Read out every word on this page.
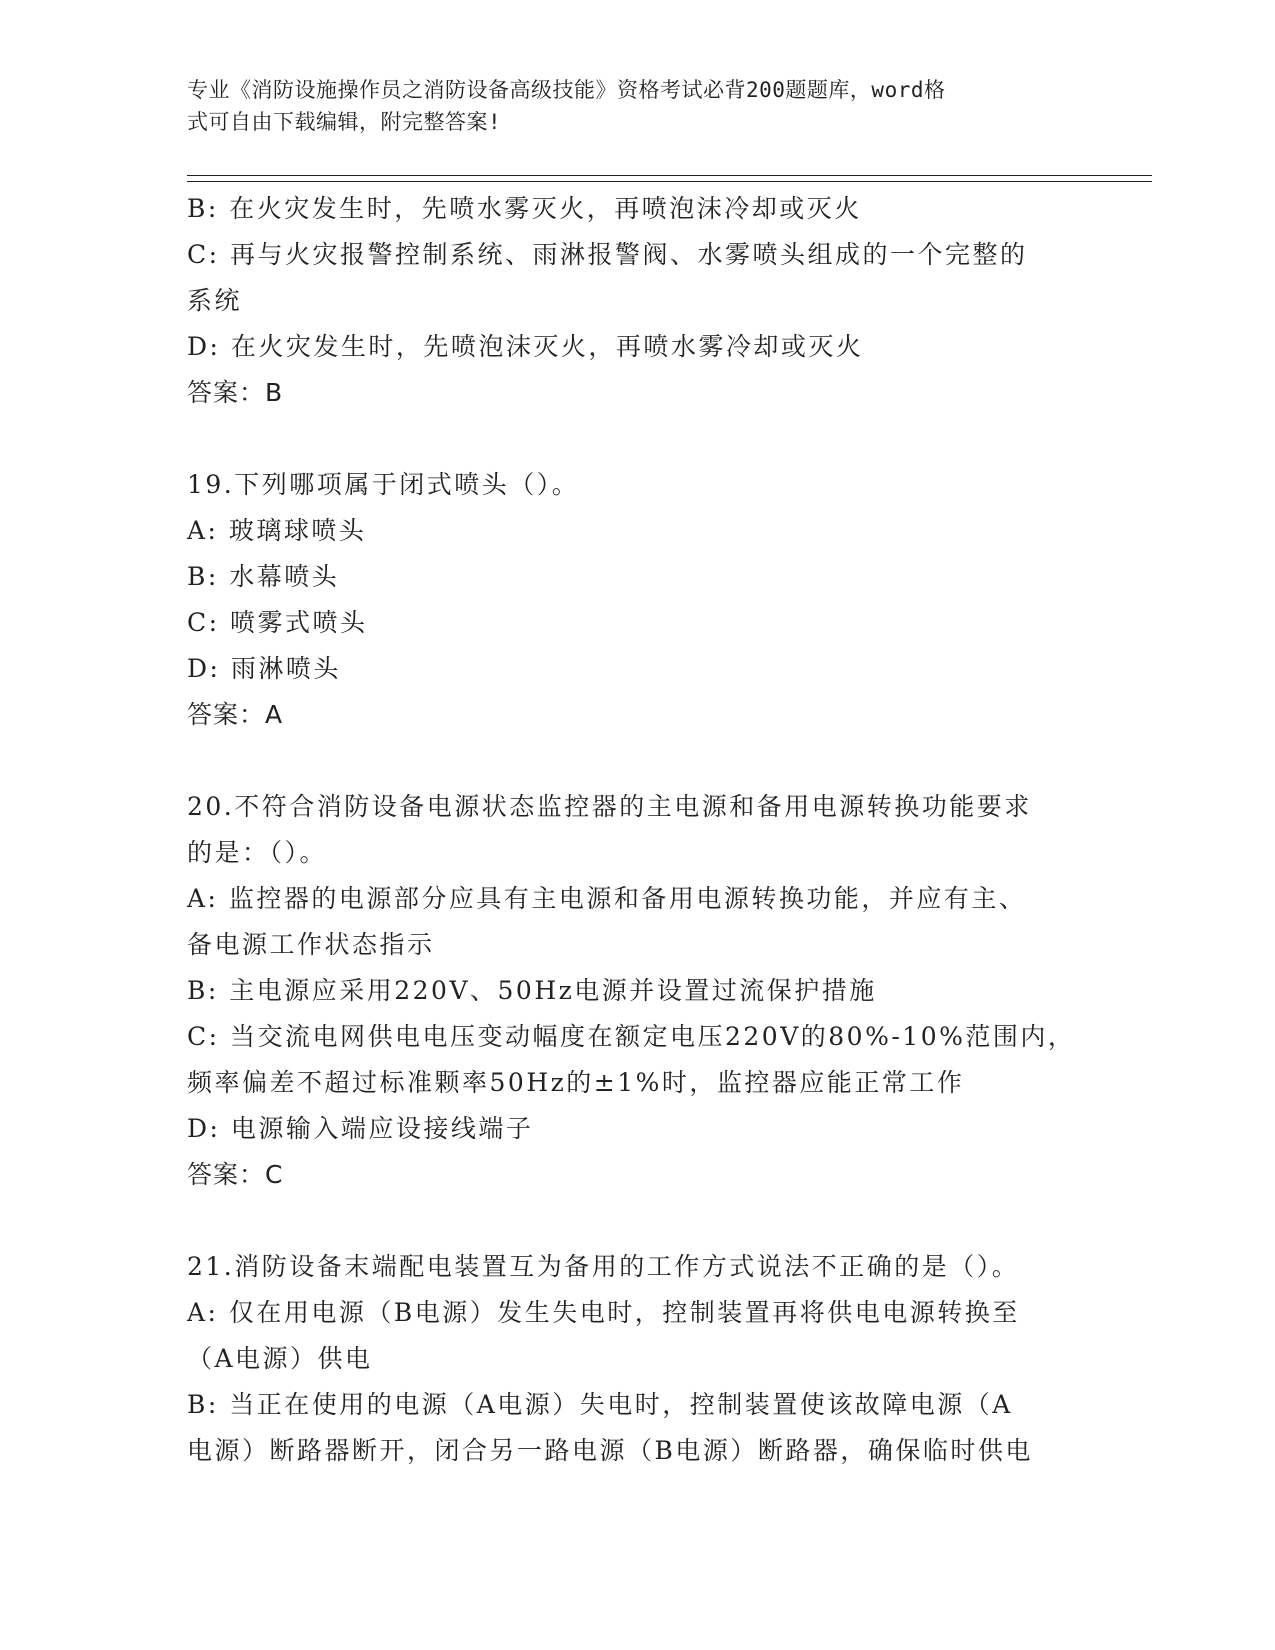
专业《消防设施操作员之消防设备高级技能》资格考试必背200题题库，word格
式可自由下载编辑，附完整答案!
B: 在火灾发生时，先喷水雾灭火，再喷泡沫冷却或灭火
C: 再与火灾报警控制系统、雨淋报警阀、水雾喷头组成的一个完整的
系统
D: 在火灾发生时，先喷泡沫灭火，再喷水雾冷却或灭火
答案：B
19.下列哪项属于闭式喷头（）。
A: 玻璃球喷头
B: 水幕喷头
C: 喷雾式喷头
D: 雨淋喷头
答案：A
20.不符合消防设备电源状态监控器的主电源和备用电源转换功能要求
的是：（）。
A: 监控器的电源部分应具有主电源和备用电源转换功能，并应有主、
备电源工作状态指示
B: 主电源应采用220V、50Hz电源并设置过流保护措施
C: 当交流电网供电电压变动幅度在额定电压220V的80%-10%范围内，
频率偏差不超过标准颗率50Hz的±1%时，监控器应能正常工作
D: 电源输入端应设接线端子
答案：C
21.消防设备末端配电装置互为备用的工作方式说法不正确的是（）。
A: 仅在用电源（B电源）发生失电时，控制装置再将供电电源转换至
（A电源）供电
B: 当正在使用的电源（A电源）失电时，控制装置使该故障电源（A
电源）断路器断开，闭合另一路电源（B电源）断路器，确保临时供电
